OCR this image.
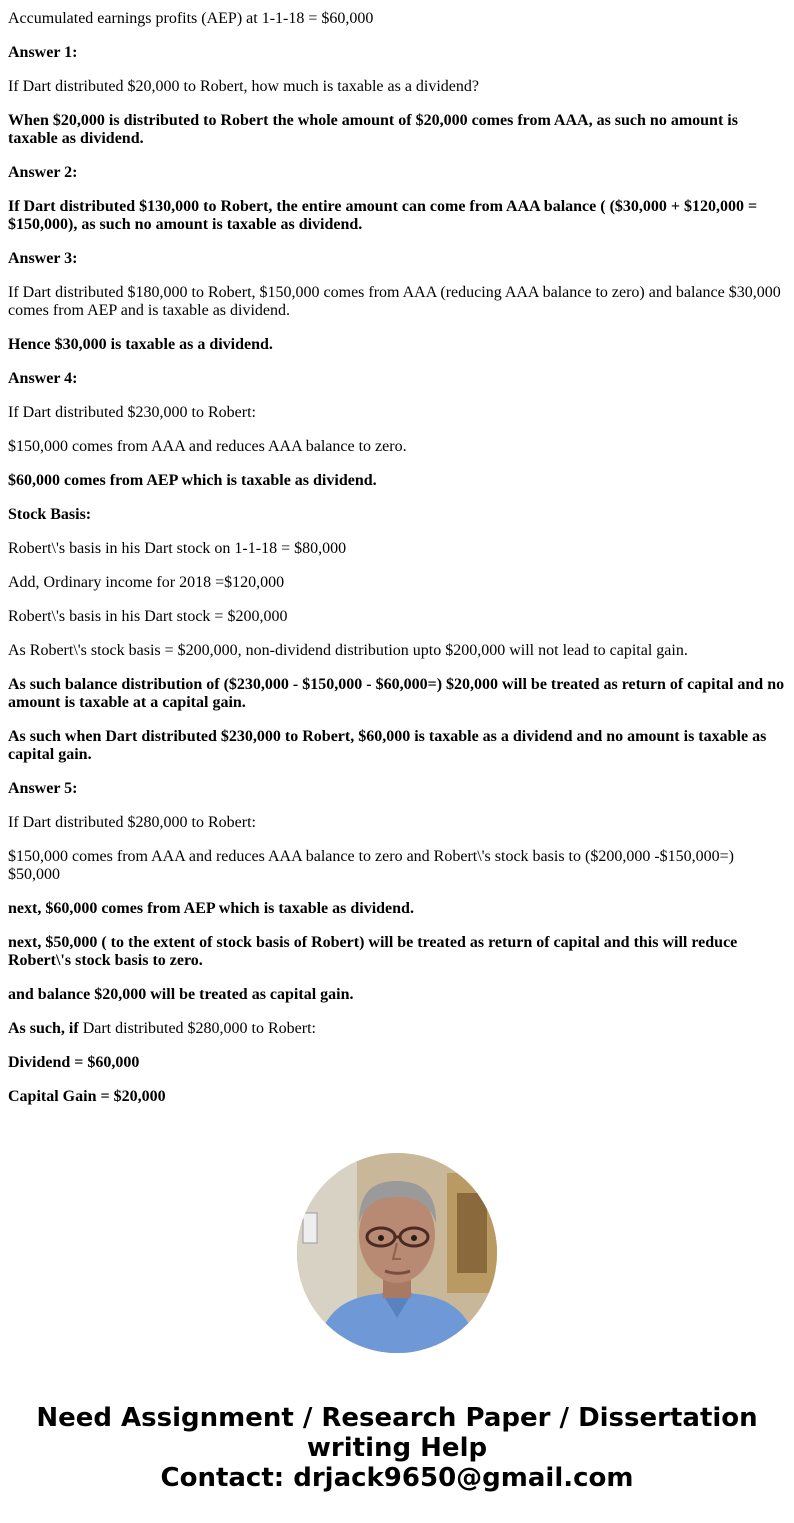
Accumulated earnings profits (AEP) at 1-1-18 = $60,000

Answer 1:

If Dart distributed $20,000 to Robert, how much is taxable as a dividend?

When $20,000 is distributed to Robert the whole amount of $20,000 comes from AAA, as such no amount is taxable as dividend.

Answer 2:

If Dart distributed $130,000 to Robert, the entire amount can come from AAA balance ( ($30,000 + $120,000 = $150,000), as such no amount is taxable as dividend.

Answer 3:

If Dart distributed $180,000 to Robert, $150,000 comes from AAA (reducing AAA balance to zero) and balance $30,000 comes from AEP and is taxable as dividend.

Hence $30,000 is taxable as a dividend.

Answer 4:

If Dart distributed $230,000 to Robert:

$150,000 comes from AAA and reduces AAA balance to zero.

$60,000 comes from AEP which is taxable as dividend.

Stock Basis:

Robert\'s basis in his Dart stock on 1-1-18 = $80,000

Add, Ordinary income for 2018 =$120,000

Robert\'s basis in his Dart stock = $200,000

As Robert\'s stock basis = $200,000, non-dividend distribution upto $200,000 will not lead to capital gain.

As such balance distribution of ($230,000 - $150,000 - $60,000=) $20,000 will be treated as return of capital and no amount is taxable at a capital gain.

As such when Dart distributed $230,000 to Robert, $60,000 is taxable as a dividend and no amount is taxable as capital gain.

Answer 5:

If Dart distributed $280,000 to Robert:

$150,000 comes from AAA and reduces AAA balance to zero and Robert\'s stock basis to ($200,000 -$150,000=) $50,000

next, $60,000 comes from AEP which is taxable as dividend.

next, $50,000 ( to the extent of stock basis of Robert) will be treated as return of capital and this will reduce Robert\'s stock basis to zero.

and balance $20,000 will be treated as capital gain.

As such, if Dart distributed $280,000 to Robert:

Dividend = $60,000

Capital Gain = $20,000

Need Assignment / Research Paper / Dissertation
writing Help
Contact: drjack9650@gmail.com
